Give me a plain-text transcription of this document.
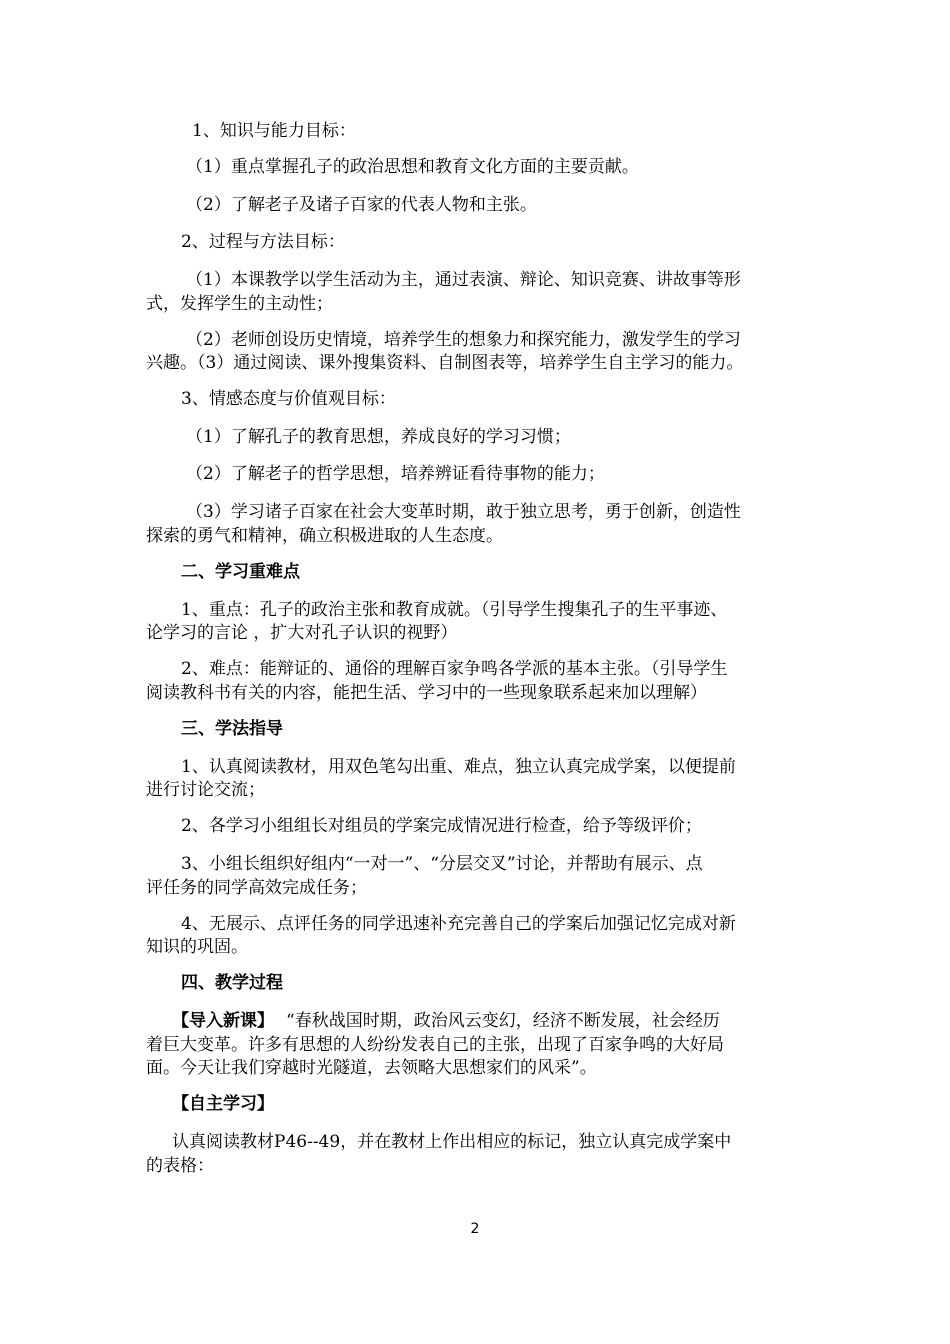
1、知识与能力目标：
（1）重点掌握孔子的政治思想和教育文化方面的主要贡献。
（2）了解老子及诸子百家的代表人物和主张。
2、过程与方法目标：
（1）本课教学以学生活动为主，通过表演、辩论、知识竞赛、讲故事等形
式，发挥学生的主动性；
（2）老师创设历史情境，培养学生的想象力和探究能力，激发学生的学习
兴趣。（3）通过阅读、课外搜集资料、自制图表等，培养学生自主学习的能力。
3、情感态度与价值观目标：
（1）了解孔子的教育思想，养成良好的学习习惯；
（2）了解老子的哲学思想，培养辨证看待事物的能力；
（3）学习诸子百家在社会大变革时期，敢于独立思考，勇于创新，创造性
探索的勇气和精神，确立积极进取的人生态度。
二、学习重难点
1、重点：孔子的政治主张和教育成就。（引导学生搜集孔子的生平事迹、
论学习的言论 ，扩大对孔子认识的视野）
2、难点：能辩证的、通俗的理解百家争鸣各学派的基本主张。（引导学生
阅读教科书有关的内容，能把生活、学习中的一些现象联系起来加以理解）
三、学法指导
1、认真阅读教材，用双色笔勾出重、难点，独立认真完成学案，以便提前
进行讨论交流；
2、各学习小组组长对组员的学案完成情况进行检查，给予等级评价；
3、小组长组织好组内“一对一”、“分层交叉”讨论，并帮助有展示、点
评任务的同学高效完成任务；
4、无展示、点评任务的同学迅速补充完善自己的学案后加强记忆完成对新
知识的巩固。
四、教学过程
【导入新课】 “春秋战国时期，政治风云变幻，经济不断发展，社会经历
着巨大变革。许多有思想的人纷纷发表自己的主张，出现了百家争鸣的大好局
面。今天让我们穿越时光隧道，去领略大思想家们的风采”。
【自主学习】
认真阅读教材P46--49，并在教材上作出相应的标记，独立认真完成学案中
的表格：
2
